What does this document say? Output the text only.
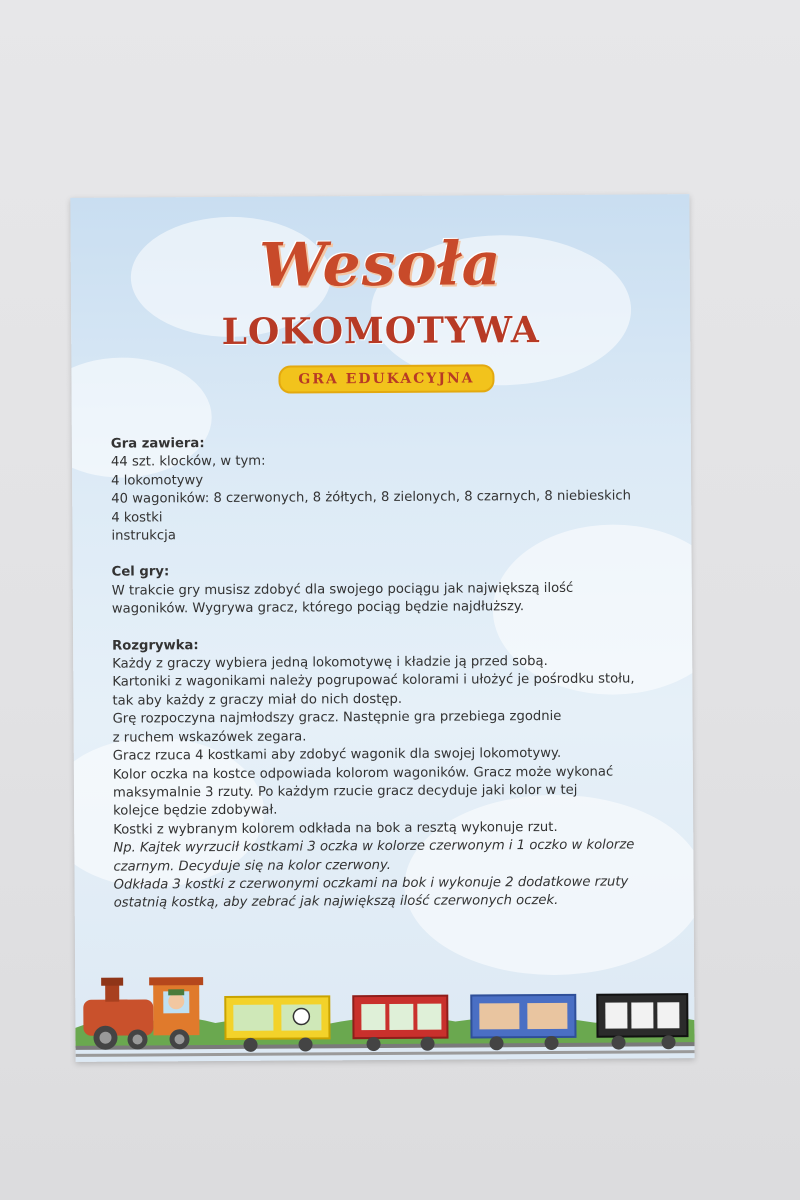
Wesoła
LOKOMOTYWA
GRA EDUKACYJNA
Gra zawiera:
44 szt. klocków, w tym:
4 lokomotywy
40 wagoników: 8 czerwonych, 8 żółtych, 8 zielonych, 8 czarnych, 8 niebieskich
4 kostki
instrukcja
Cel gry:
W trakcie gry musisz zdobyć dla swojego pociągu jak największą ilość
wagoników. Wygrywa gracz, którego pociąg będzie najdłuższy.
Rozgrywka:
Każdy z graczy wybiera jedną lokomotywę i kładzie ją przed sobą.
Kartoniki z wagonikami należy pogrupować kolorami i ułożyć je pośrodku stołu,
tak aby każdy z graczy miał do nich dostęp.
Grę rozpoczyna najmłodszy gracz. Następnie gra przebiega zgodnie
z ruchem wskazówek zegara.
Gracz rzuca 4 kostkami aby zdobyć wagonik dla swojej lokomotywy.
Kolor oczka na kostce odpowiada kolorom wagoników. Gracz może wykonać
maksymalnie 3 rzuty. Po każdym rzucie gracz decyduje jaki kolor w tej
kolejce będzie zdobywał.
Kostki z wybranym kolorem odkłada na bok a resztą wykonuje rzut.
Np. Kajtek wyrzucił kostkami 3 oczka w kolorze czerwonym i 1 oczko w kolorze
czarnym. Decyduje się na kolor czerwony.
Odkłada 3 kostki z czerwonymi oczkami na bok i wykonuje 2 dodatkowe rzuty
ostatnią kostką, aby zebrać jak największą ilość czerwonych oczek.
